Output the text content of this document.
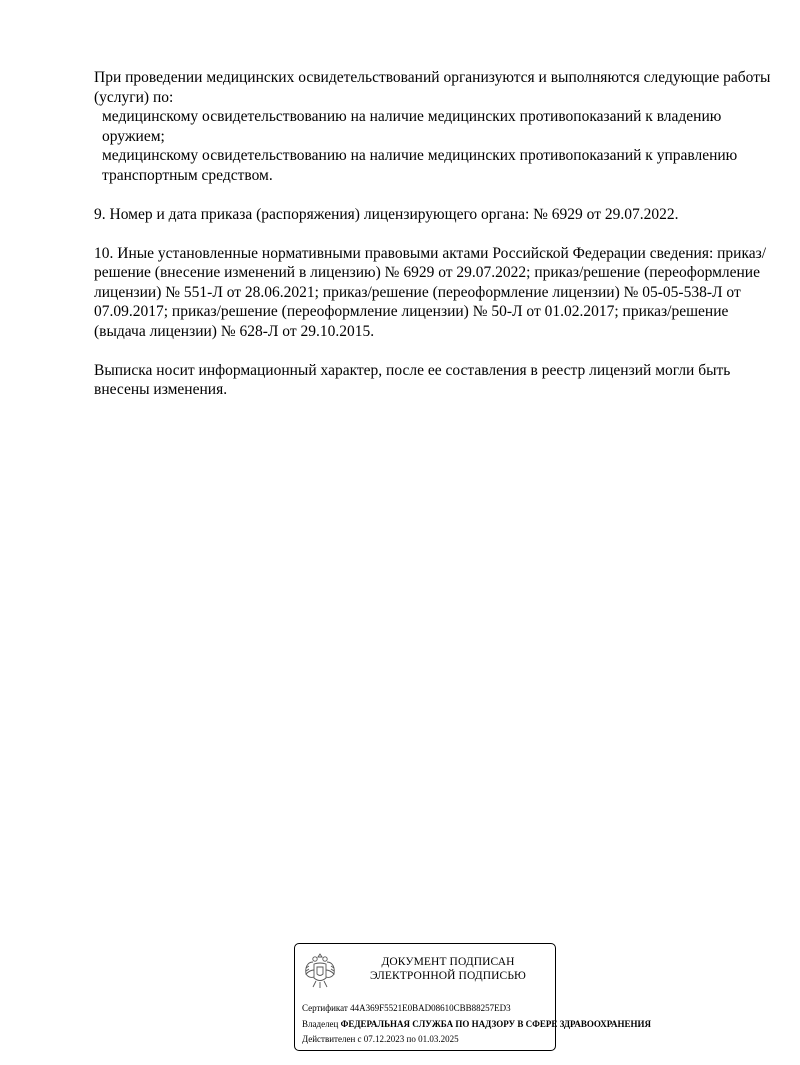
При проведении медицинских освидетельствований организуются и выполняются следующие работы (услуги) по:

медицинскому освидетельствованию на наличие медицинских противопоказаний к владению оружием;

медицинскому освидетельствованию на наличие медицинских противопоказаний к управлению транспортным средством.

9. Номер и дата приказа (распоряжения) лицензирующего органа: № 6929 от 29.07.2022.

10. Иные установленные нормативными правовыми актами Российской Федерации сведения: приказ/решение (внесение изменений в лицензию) № 6929 от 29.07.2022; приказ/решение (переоформление лицензии) № 551-Л от 28.06.2021; приказ/решение (переоформление лицензии) № 05-05-538-Л от 07.09.2017; приказ/решение (переоформление лицензии) № 50-Л от 01.02.2017; приказ/решение (выдача лицензии) № 628-Л от 29.10.2015.

Выписка носит информационный характер, после ее составления в реестр лицензий могли быть внесены изменения.

ДОКУМЕНТ ПОДПИСАН
ЭЛЕКТРОННОЙ ПОДПИСЬЮ
Сертификат 44A369F5521E0BAD08610CBB88257ED3
Владелец ФЕДЕРАЛЬНАЯ СЛУЖБА ПО НАДЗОРУ В СФЕРЕ ЗДРАВООХРАНЕНИЯ
Действителен с 07.12.2023 по 01.03.2025
